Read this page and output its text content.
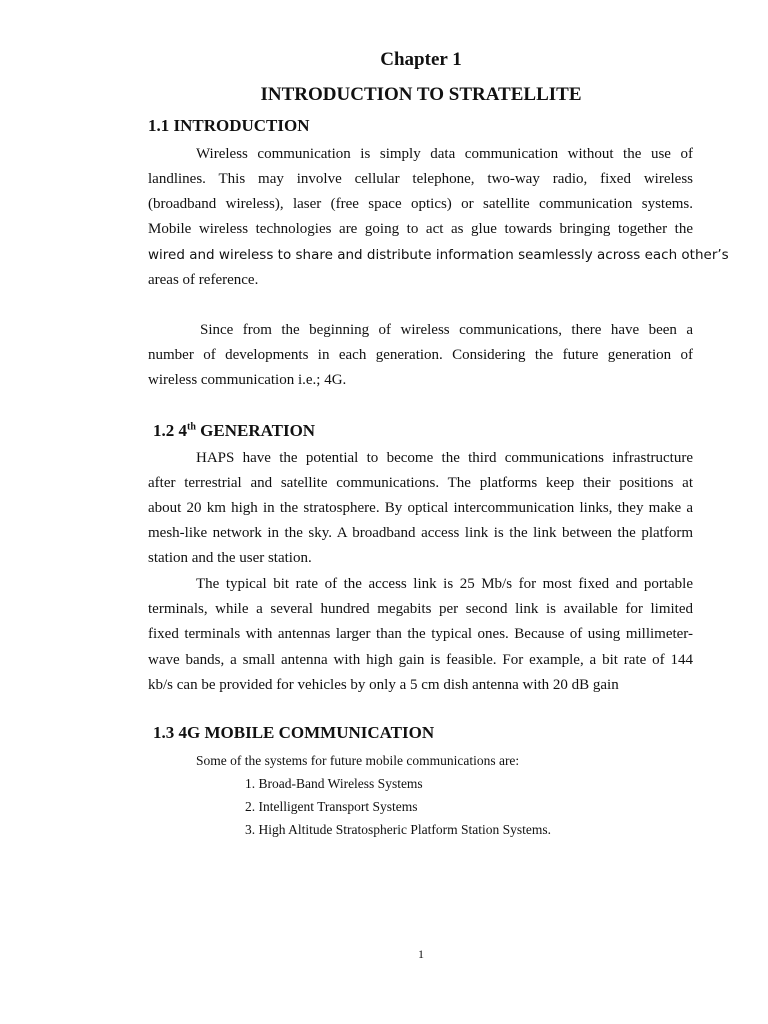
Chapter 1
INTRODUCTION TO STRATELLITE
1.1 INTRODUCTION
Wireless communication is simply data communication without the use of
landlines. This may involve cellular telephone, two-way radio, fixed wireless
(broadband wireless), laser (free space optics) or satellite communication systems.
Mobile wireless technologies are going to act as glue towards bringing together the
wired and wireless to share and distribute information seamlessly across each other’s
areas of reference.
Since from the beginning of wireless communications, there have been a
number of developments in each generation. Considering the future generation of
wireless communication i.e.; 4G.
1.2 4th GENERATION
HAPS have the potential to become the third communications infrastructure
after terrestrial and satellite communications. The platforms keep their positions at
about 20 km high in the stratosphere. By optical intercommunication links, they make a
mesh-like network in the sky. A broadband access link is the link between the platform
station and the user station.
The typical bit rate of the access link is 25 Mb/s for most fixed and portable
terminals, while a several hundred megabits per second link is available for limited
fixed terminals with antennas larger than the typical ones. Because of using millimeter-
wave bands, a small antenna with high gain is feasible. For example, a bit rate of 144
kb/s can be provided for vehicles by only a 5 cm dish antenna with 20 dB gain
1.3 4G MOBILE COMMUNICATION
Some of the systems for future mobile communications are:
1. Broad-Band Wireless Systems
2. Intelligent Transport Systems
3. High Altitude Stratospheric Platform Station Systems.
1
